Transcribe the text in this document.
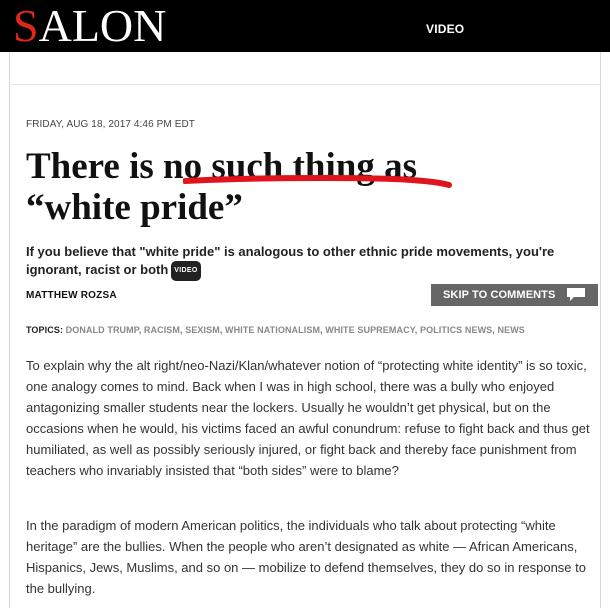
SALON	VIDEO
FRIDAY, AUG 18, 2017 4:46 PM EDT
There is no such thing as
“white pride”
If you believe that "white pride" is analogous to other ethnic pride movements, you're ignorant, racist or both VIDEO
MATTHEW ROZSA	SKIP TO COMMENTS
TOPICS: DONALD TRUMP, RACISM, SEXISM, WHITE NATIONALISM, WHITE SUPREMACY, POLITICS NEWS, NEWS

To explain why the alt right/neo-Nazi/Klan/whatever notion of “protecting white identity” is so toxic, one analogy comes to mind. Back when I was in high school, there was a bully who enjoyed antagonizing smaller students near the lockers. Usually he wouldn’t get physical, but on the occasions when he would, his victims faced an awful conundrum: refuse to fight back and thus get humiliated, as well as possibly seriously injured, or fight back and thereby face punishment from teachers who invariably insisted that “both sides” were to blame?

In the paradigm of modern American politics, the individuals who talk about protecting “white heritage” are the bullies. When the people who aren’t designated as white — African Americans, Hispanics, Jews, Muslims, and so on — mobilize to defend themselves, they do so in response to the bullying.
